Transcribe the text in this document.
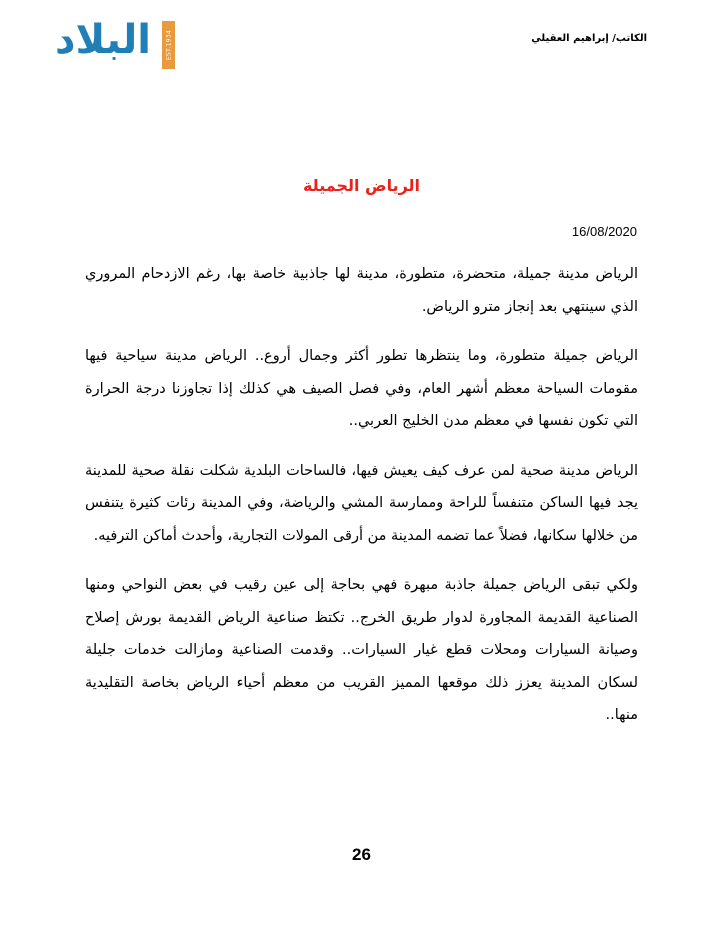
البلاد	EST.1934	الكاتب/ إبراهيم العقيلي
الرياض الجميلة
16/08/2020

الرياض مدينة جميلة، متحضرة، متطورة، مدينة لها جاذبية خاصة بها، رغم الازدحام المروري الذي سينتهي بعد إنجاز مترو الرياض.

الرياض جميلة متطورة، وما ينتظرها تطور أكثر وجمال أروع.. الرياض مدينة سياحية فيها مقومات السياحة معظم أشهر العام، وفي فصل الصيف هي كذلك إذا تجاوزنا درجة الحرارة التي تكون نفسها في معظم مدن الخليج العربي..

الرياض مدينة صحية لمن عرف كيف يعيش فيها، فالساحات البلدية شكلت نقلة صحية للمدينة يجد فيها الساكن متنفساً للراحة وممارسة المشي والرياضة، وفي المدينة رئات كثيرة يتنفس من خلالها سكانها، فضلاً عما تضمه المدينة من أرقى المولات التجارية، وأحدث أماكن الترفيه.

ولكي تبقى الرياض جميلة جاذبة مبهرة فهي بحاجة إلى عين رقيب في بعض النواحي ومنها الصناعية القديمة المجاورة لدوار طريق الخرج.. تكتظ صناعية الرياض القديمة بورش إصلاح وصيانة السيارات ومحلات قطع غيار السيارات.. وقدمت الصناعية ومازالت خدمات جليلة لسكان المدينة يعزز ذلك موقعها المميز القريب من معظم أحياء الرياض بخاصة التقليدية منها..

26
